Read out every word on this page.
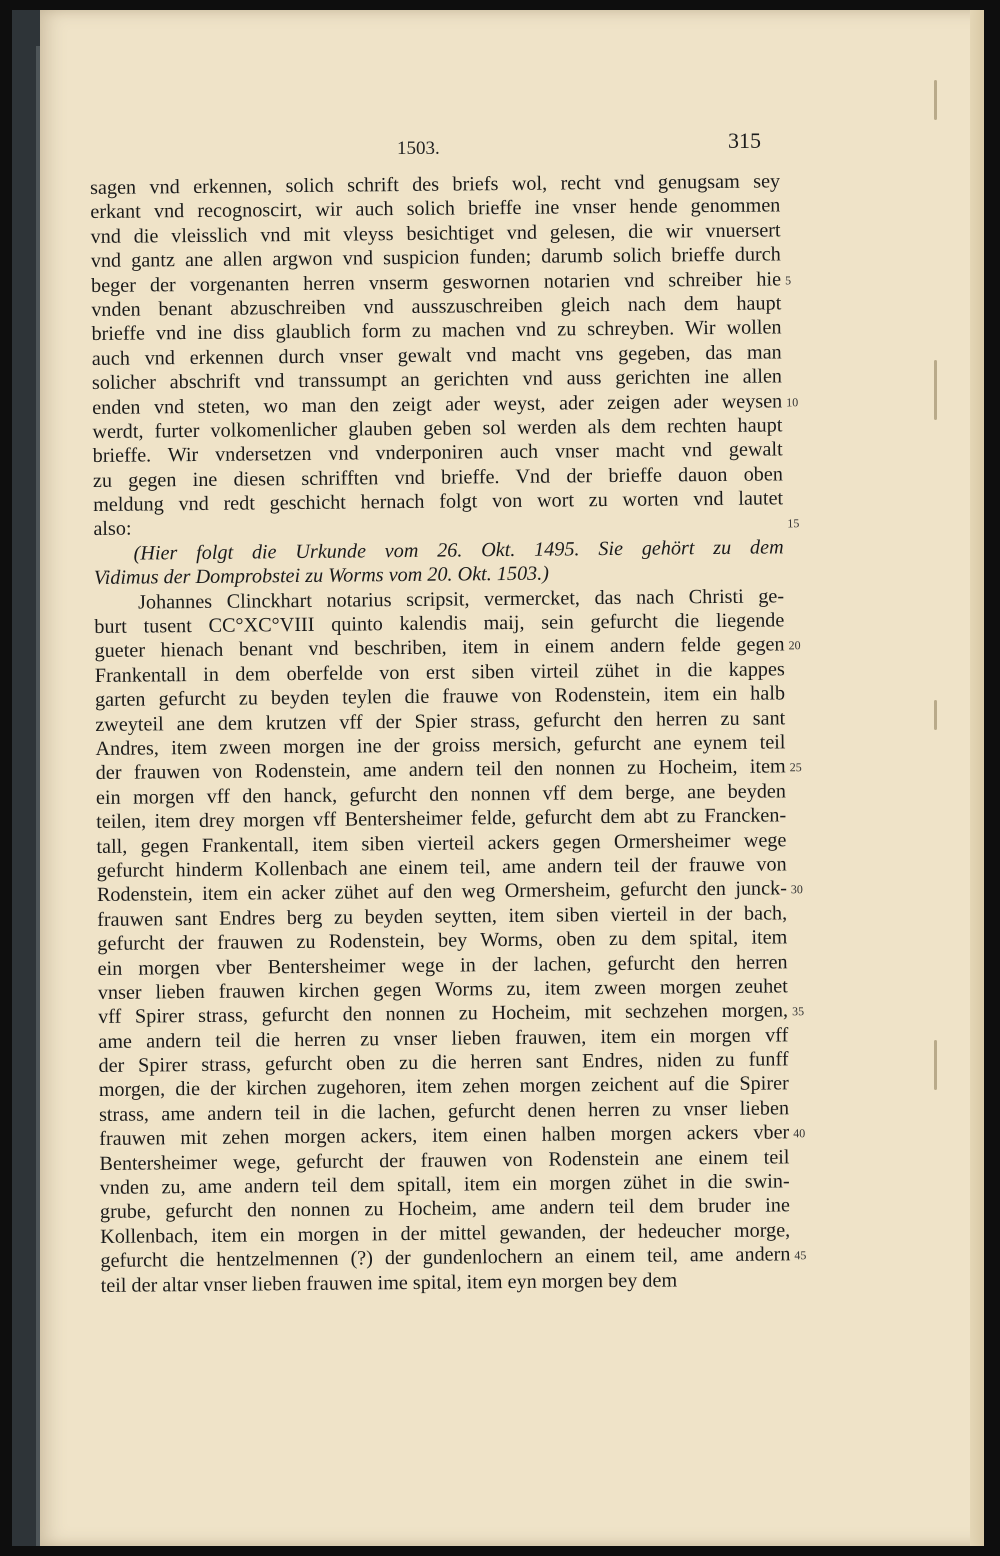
1503.	315
sagen vnd erkennen, solich schrift des briefs wol, recht vnd genugsam sey
erkant vnd recognoscirt, wir auch solich brieffe ine vnser hende genommen
vnd die vleisslich vnd mit vleyss besichtiget vnd gelesen, die wir vnuersert
vnd gantz ane allen argwon vnd suspicion funden; darumb solich brieffe durch
beger der vorgenanten herren vnserm geswornen notarien vnd schreiber hie 5
vnden benant abzuschreiben vnd ausszuschreiben gleich nach dem haupt
brieffe vnd ine diss glaublich form zu machen vnd zu schreyben. Wir wollen
auch vnd erkennen durch vnser gewalt vnd macht vns gegeben, das man
solicher abschrift vnd transsumpt an gerichten vnd auss gerichten ine allen
enden vnd steten, wo man den zeigt ader weyst, ader zeigen ader weysen 10
werdt, furter volkomenlicher glauben geben sol werden als dem rechten haupt
brieffe. Wir vndersetzen vnd vnderponiren auch vnser macht vnd gewalt
zu gegen ine diesen schrifften vnd brieffe. Vnd der brieffe dauon oben
meldung vnd redt geschicht hernach folgt von wort zu worten vnd lautet
also:	15
(Hier folgt die Urkunde vom 26. Okt. 1495. Sie gehört zu dem
Vidimus der Domprobstei zu Worms vom 20. Okt. 1503.)
Johannes Clinckhart notarius scripsit, vermercket, das nach Christi ge-
burt tusent CC°XC°VIII quinto kalendis maij, sein gefurcht die liegende
gueter hienach benant vnd beschriben, item in einem andern felde gegen 20
Frankentall in dem oberfelde von erst siben virteil zühet in die kappes
garten gefurcht zu beyden teylen die frauwe von Rodenstein, item ein halb
zweyteil ane dem krutzen vff der Spier strass, gefurcht den herren zu sant
Andres, item zween morgen ine der groiss mersich, gefurcht ane eynem teil
der frauwen von Rodenstein, ame andern teil den nonnen zu Hocheim, item 25
ein morgen vff den hanck, gefurcht den nonnen vff dem berge, ane beyden
teilen, item drey morgen vff Bentersheimer felde, gefurcht dem abt zu Francken-
tall, gegen Frankentall, item siben vierteil ackers gegen Ormersheimer wege
gefurcht hinderm Kollenbach ane einem teil, ame andern teil der frauwe von
Rodenstein, item ein acker zühet auf den weg Ormersheim, gefurcht den junck- 30
frauwen sant Endres berg zu beyden seytten, item siben vierteil in der bach,
gefurcht der frauwen zu Rodenstein, bey Worms, oben zu dem spital, item
ein morgen vber Bentersheimer wege in der lachen, gefurcht den herren
vnser lieben frauwen kirchen gegen Worms zu, item zween morgen zeuhet
vff Spirer strass, gefurcht den nonnen zu Hocheim, mit sechzehen morgen, 35
ame andern teil die herren zu vnser lieben frauwen, item ein morgen vff
der Spirer strass, gefurcht oben zu die herren sant Endres, niden zu funff
morgen, die der kirchen zugehoren, item zehen morgen zeichent auf die Spirer
strass, ame andern teil in die lachen, gefurcht denen herren zu vnser lieben
frauwen mit zehen morgen ackers, item einen halben morgen ackers vber 40
Bentersheimer wege, gefurcht der frauwen von Rodenstein ane einem teil
vnden zu, ame andern teil dem spitall, item ein morgen zühet in die swin-
grube, gefurcht den nonnen zu Hocheim, ame andern teil dem bruder ine
Kollenbach, item ein morgen in der mittel gewanden, der hedeucher morge,
gefurcht die hentzelmennen (?) der gundenlochern an einem teil, ame andern 45
teil der altar vnser lieben frauwen ime spital, item eyn morgen bey dem
